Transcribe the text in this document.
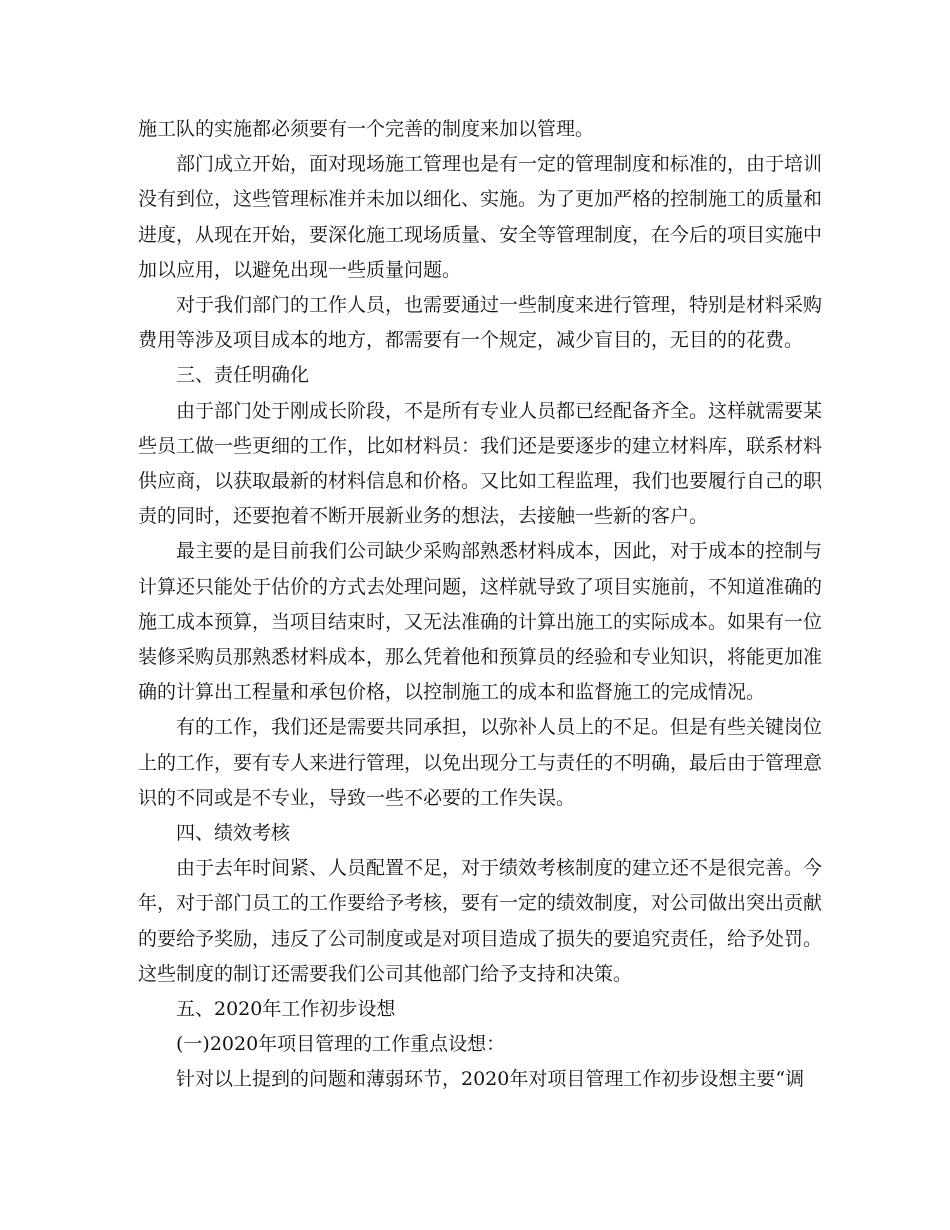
施工队的实施都必须要有一个完善的制度来加以管理。

部门成立开始，面对现场施工管理也是有一定的管理制度和标准的，由于培训没有到位，这些管理标准并未加以细化、实施。为了更加严格的控制施工的质量和进度，从现在开始，要深化施工现场质量、安全等管理制度，在今后的项目实施中加以应用，以避免出现一些质量问题。

对于我们部门的工作人员，也需要通过一些制度来进行管理，特别是材料采购费用等涉及项目成本的地方，都需要有一个规定，减少盲目的，无目的的花费。

三、责任明确化

由于部门处于刚成长阶段，不是所有专业人员都已经配备齐全。这样就需要某些员工做一些更细的工作，比如材料员：我们还是要逐步的建立材料库，联系材料供应商，以获取最新的材料信息和价格。又比如工程监理，我们也要履行自己的职责的同时，还要抱着不断开展新业务的想法，去接触一些新的客户。

最主要的是目前我们公司缺少采购部熟悉材料成本，因此，对于成本的控制与计算还只能处于估价的方式去处理问题，这样就导致了项目实施前，不知道准确的施工成本预算，当项目结束时，又无法准确的计算出施工的实际成本。如果有一位装修采购员那熟悉材料成本，那么凭着他和预算员的经验和专业知识，将能更加准确的计算出工程量和承包价格，以控制施工的成本和监督施工的完成情况。

有的工作，我们还是需要共同承担，以弥补人员上的不足。但是有些关键岗位上的工作，要有专人来进行管理，以免出现分工与责任的不明确，最后由于管理意识的不同或是不专业，导致一些不必要的工作失误。

四、绩效考核

由于去年时间紧、人员配置不足，对于绩效考核制度的建立还不是很完善。今年，对于部门员工的工作要给予考核，要有一定的绩效制度，对公司做出突出贡献的要给予奖励，违反了公司制度或是对项目造成了损失的要追究责任，给予处罚。这些制度的制订还需要我们公司其他部门给予支持和决策。

五、2020年工作初步设想

(一)2020年项目管理的工作重点设想：

针对以上提到的问题和薄弱环节，2020年对项目管理工作初步设想主要“调
